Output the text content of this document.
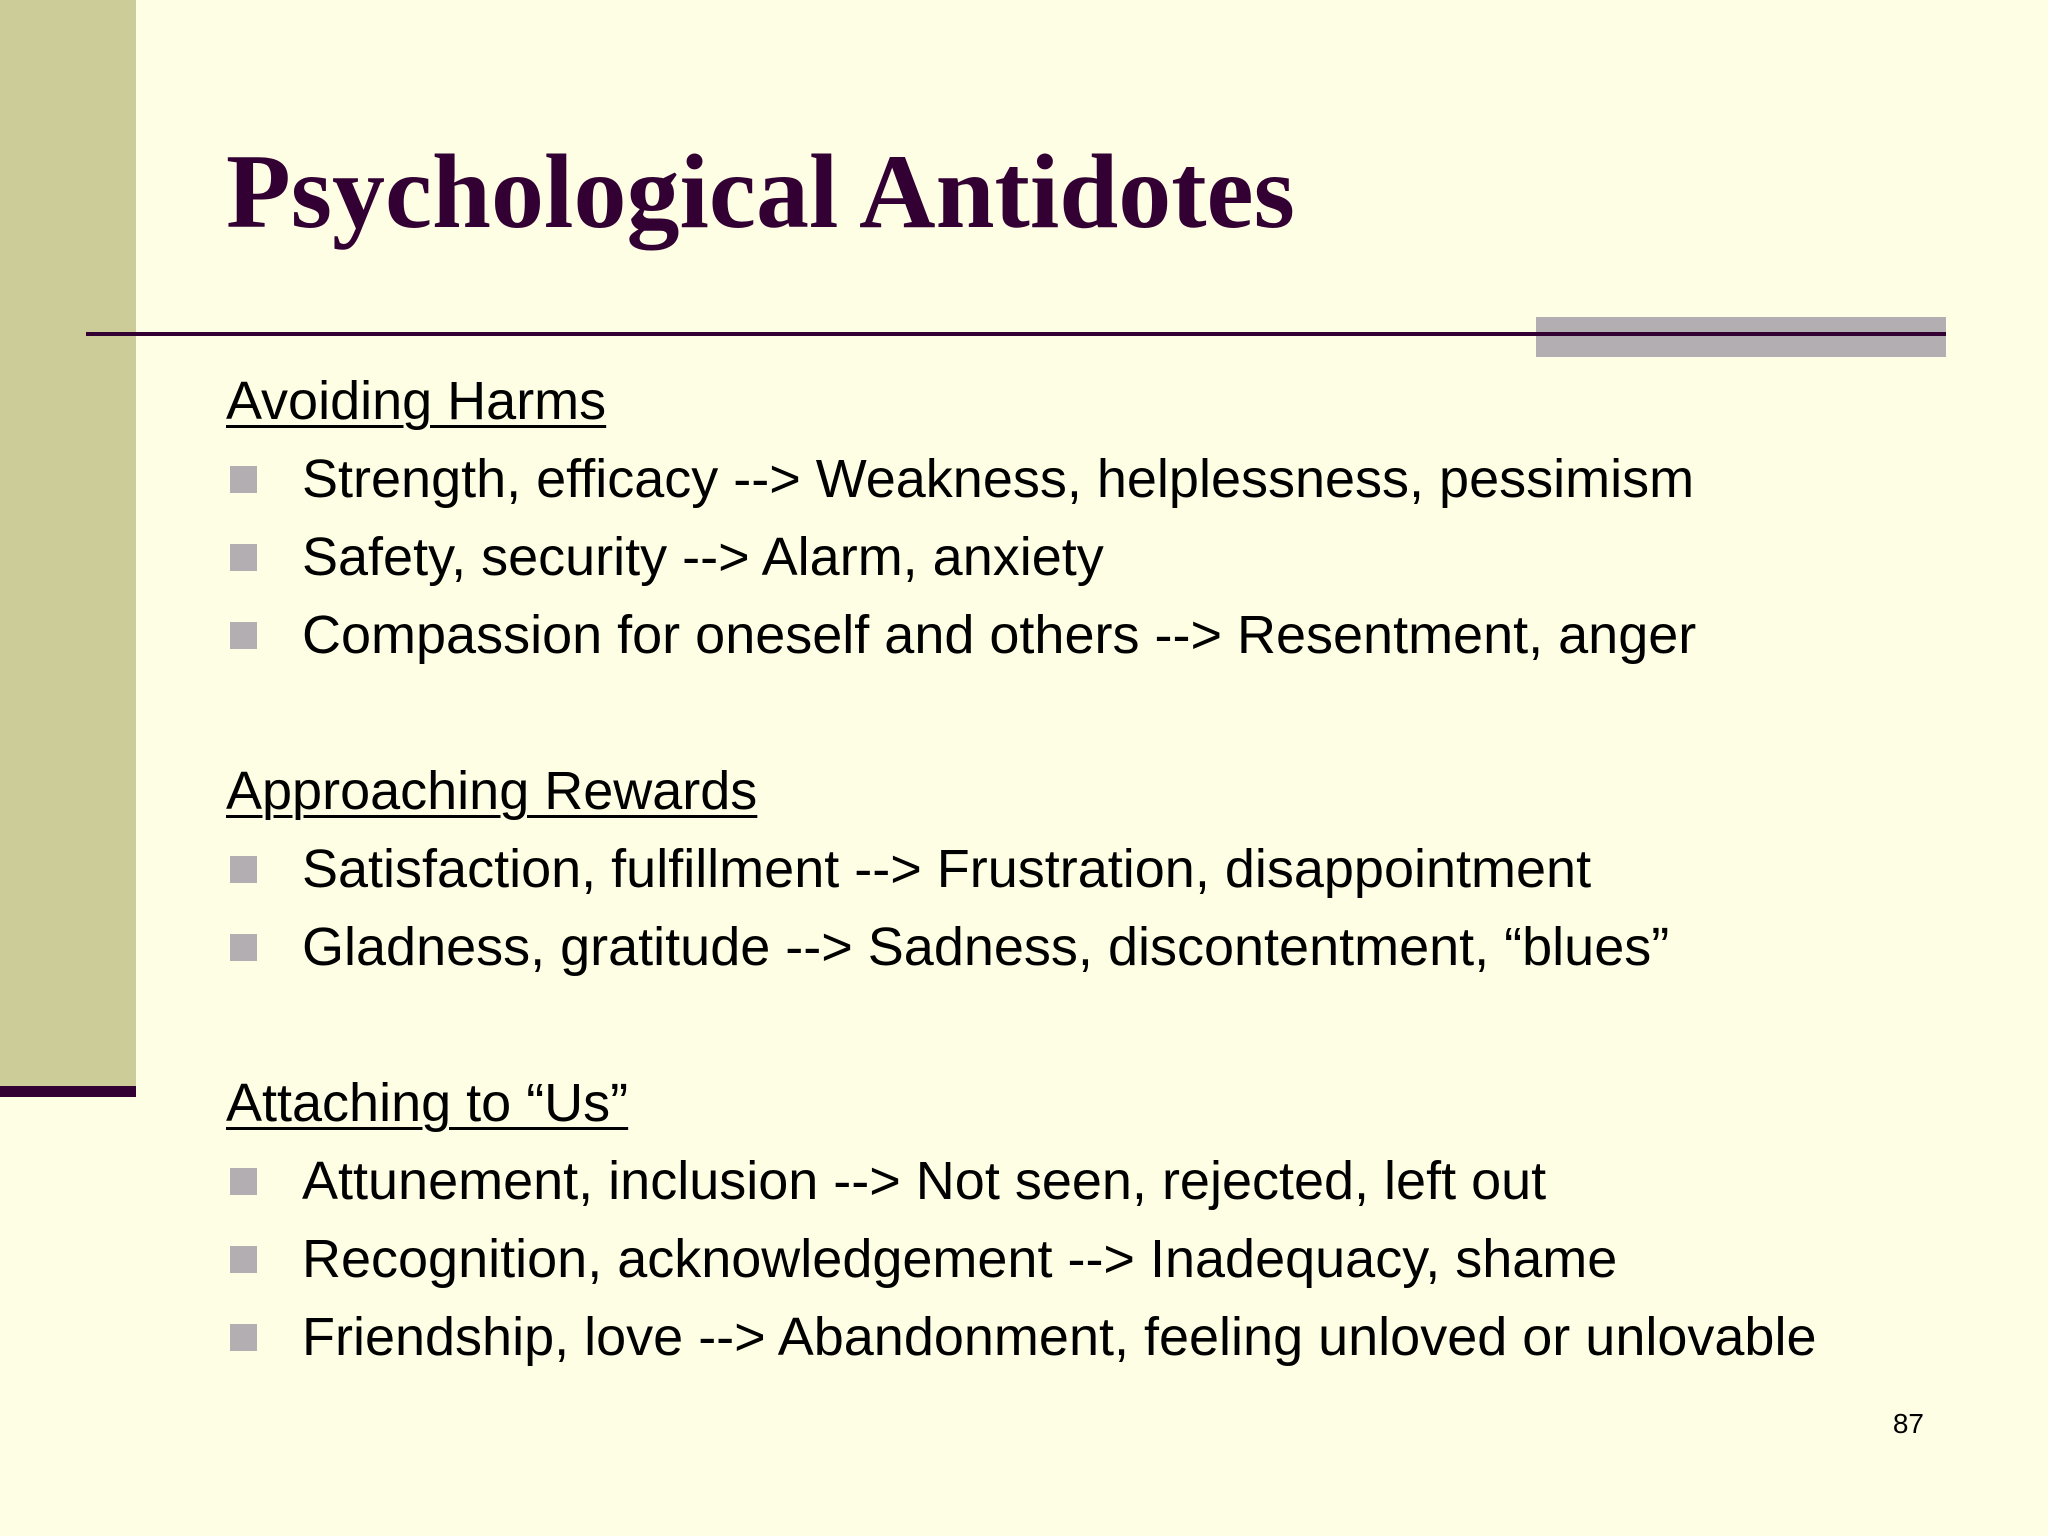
Psychological Antidotes
Avoiding Harms
Strength, efficacy --> Weakness, helplessness, pessimism
Safety, security --> Alarm, anxiety
Compassion for oneself and others --> Resentment, anger
Approaching Rewards
Satisfaction, fulfillment --> Frustration, disappointment
Gladness, gratitude --> Sadness, discontentment, “blues”
Attaching to “Us”
Attunement, inclusion --> Not seen, rejected, left out
Recognition, acknowledgement --> Inadequacy, shame
Friendship, love --> Abandonment, feeling unloved or unlovable
87
